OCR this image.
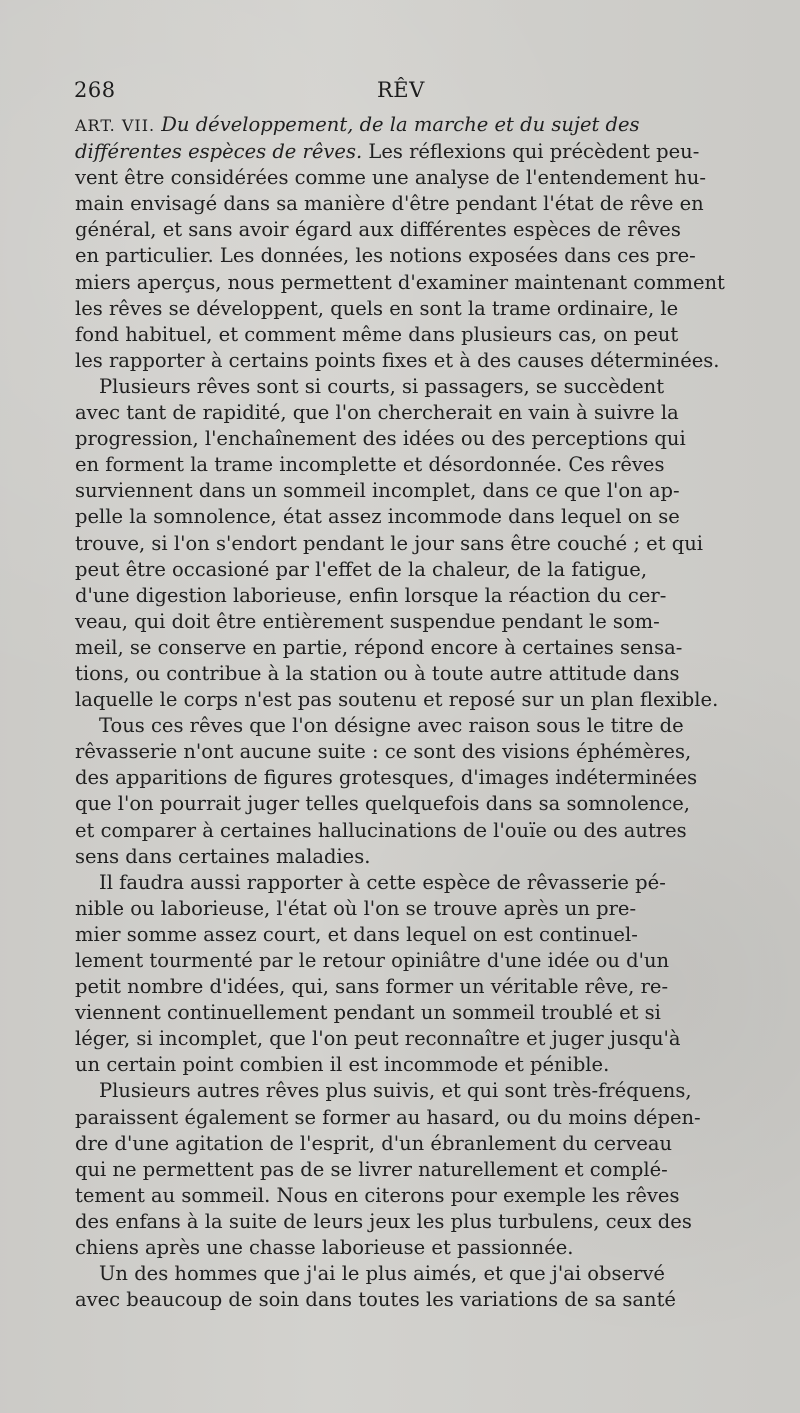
268	RÊV
ART. VII. Du développement, de la marche et du sujet des
différentes espèces de rêves. Les réflexions qui précèdent peu-
vent être considérées comme une analyse de l'entendement hu-
main envisagé dans sa manière d'être pendant l'état de rêve en
général, et sans avoir égard aux différentes espèces de rêves
en particulier. Les données, les notions exposées dans ces pre-
miers aperçus, nous permettent d'examiner maintenant comment
les rêves se développent, quels en sont la trame ordinaire, le
fond habituel, et comment même dans plusieurs cas, on peut
les rapporter à certains points fixes et à des causes déterminées.
Plusieurs rêves sont si courts, si passagers, se succèdent
avec tant de rapidité, que l'on chercherait en vain à suivre la
progression, l'enchaînement des idées ou des perceptions qui
en forment la trame incomplette et désordonnée. Ces rêves
surviennent dans un sommeil incomplet, dans ce que l'on ap-
pelle la somnolence, état assez incommode dans lequel on se
trouve, si l'on s'endort pendant le jour sans être couché ; et qui
peut être occasioné par l'effet de la chaleur, de la fatigue,
d'une digestion laborieuse, enfin lorsque la réaction du cer-
veau, qui doit être entièrement suspendue pendant le som-
meil, se conserve en partie, répond encore à certaines sensa-
tions, ou contribue à la station ou à toute autre attitude dans
laquelle le corps n'est pas soutenu et reposé sur un plan flexible.
Tous ces rêves que l'on désigne avec raison sous le titre de
rêvasserie n'ont aucune suite : ce sont des visions éphémères,
des apparitions de figures grotesques, d'images indéterminées
que l'on pourrait juger telles quelquefois dans sa somnolence,
et comparer à certaines hallucinations de l'ouïe ou des autres
sens dans certaines maladies.
Il faudra aussi rapporter à cette espèce de rêvasserie pé-
nible ou laborieuse, l'état où l'on se trouve après un pre-
mier somme assez court, et dans lequel on est continuel-
lement tourmenté par le retour opiniâtre d'une idée ou d'un
petit nombre d'idées, qui, sans former un véritable rêve, re-
viennent continuellement pendant un sommeil troublé et si
léger, si incomplet, que l'on peut reconnaître et juger jusqu'à
un certain point combien il est incommode et pénible.
Plusieurs autres rêves plus suivis, et qui sont très-fréquens,
paraissent également se former au hasard, ou du moins dépen-
dre d'une agitation de l'esprit, d'un ébranlement du cerveau
qui ne permettent pas de se livrer naturellement et complé-
tement au sommeil. Nous en citerons pour exemple les rêves
des enfans à la suite de leurs jeux les plus turbulens, ceux des
chiens après une chasse laborieuse et passionnée.
Un des hommes que j'ai le plus aimés, et que j'ai observé
avec beaucoup de soin dans toutes les variations de sa santé
